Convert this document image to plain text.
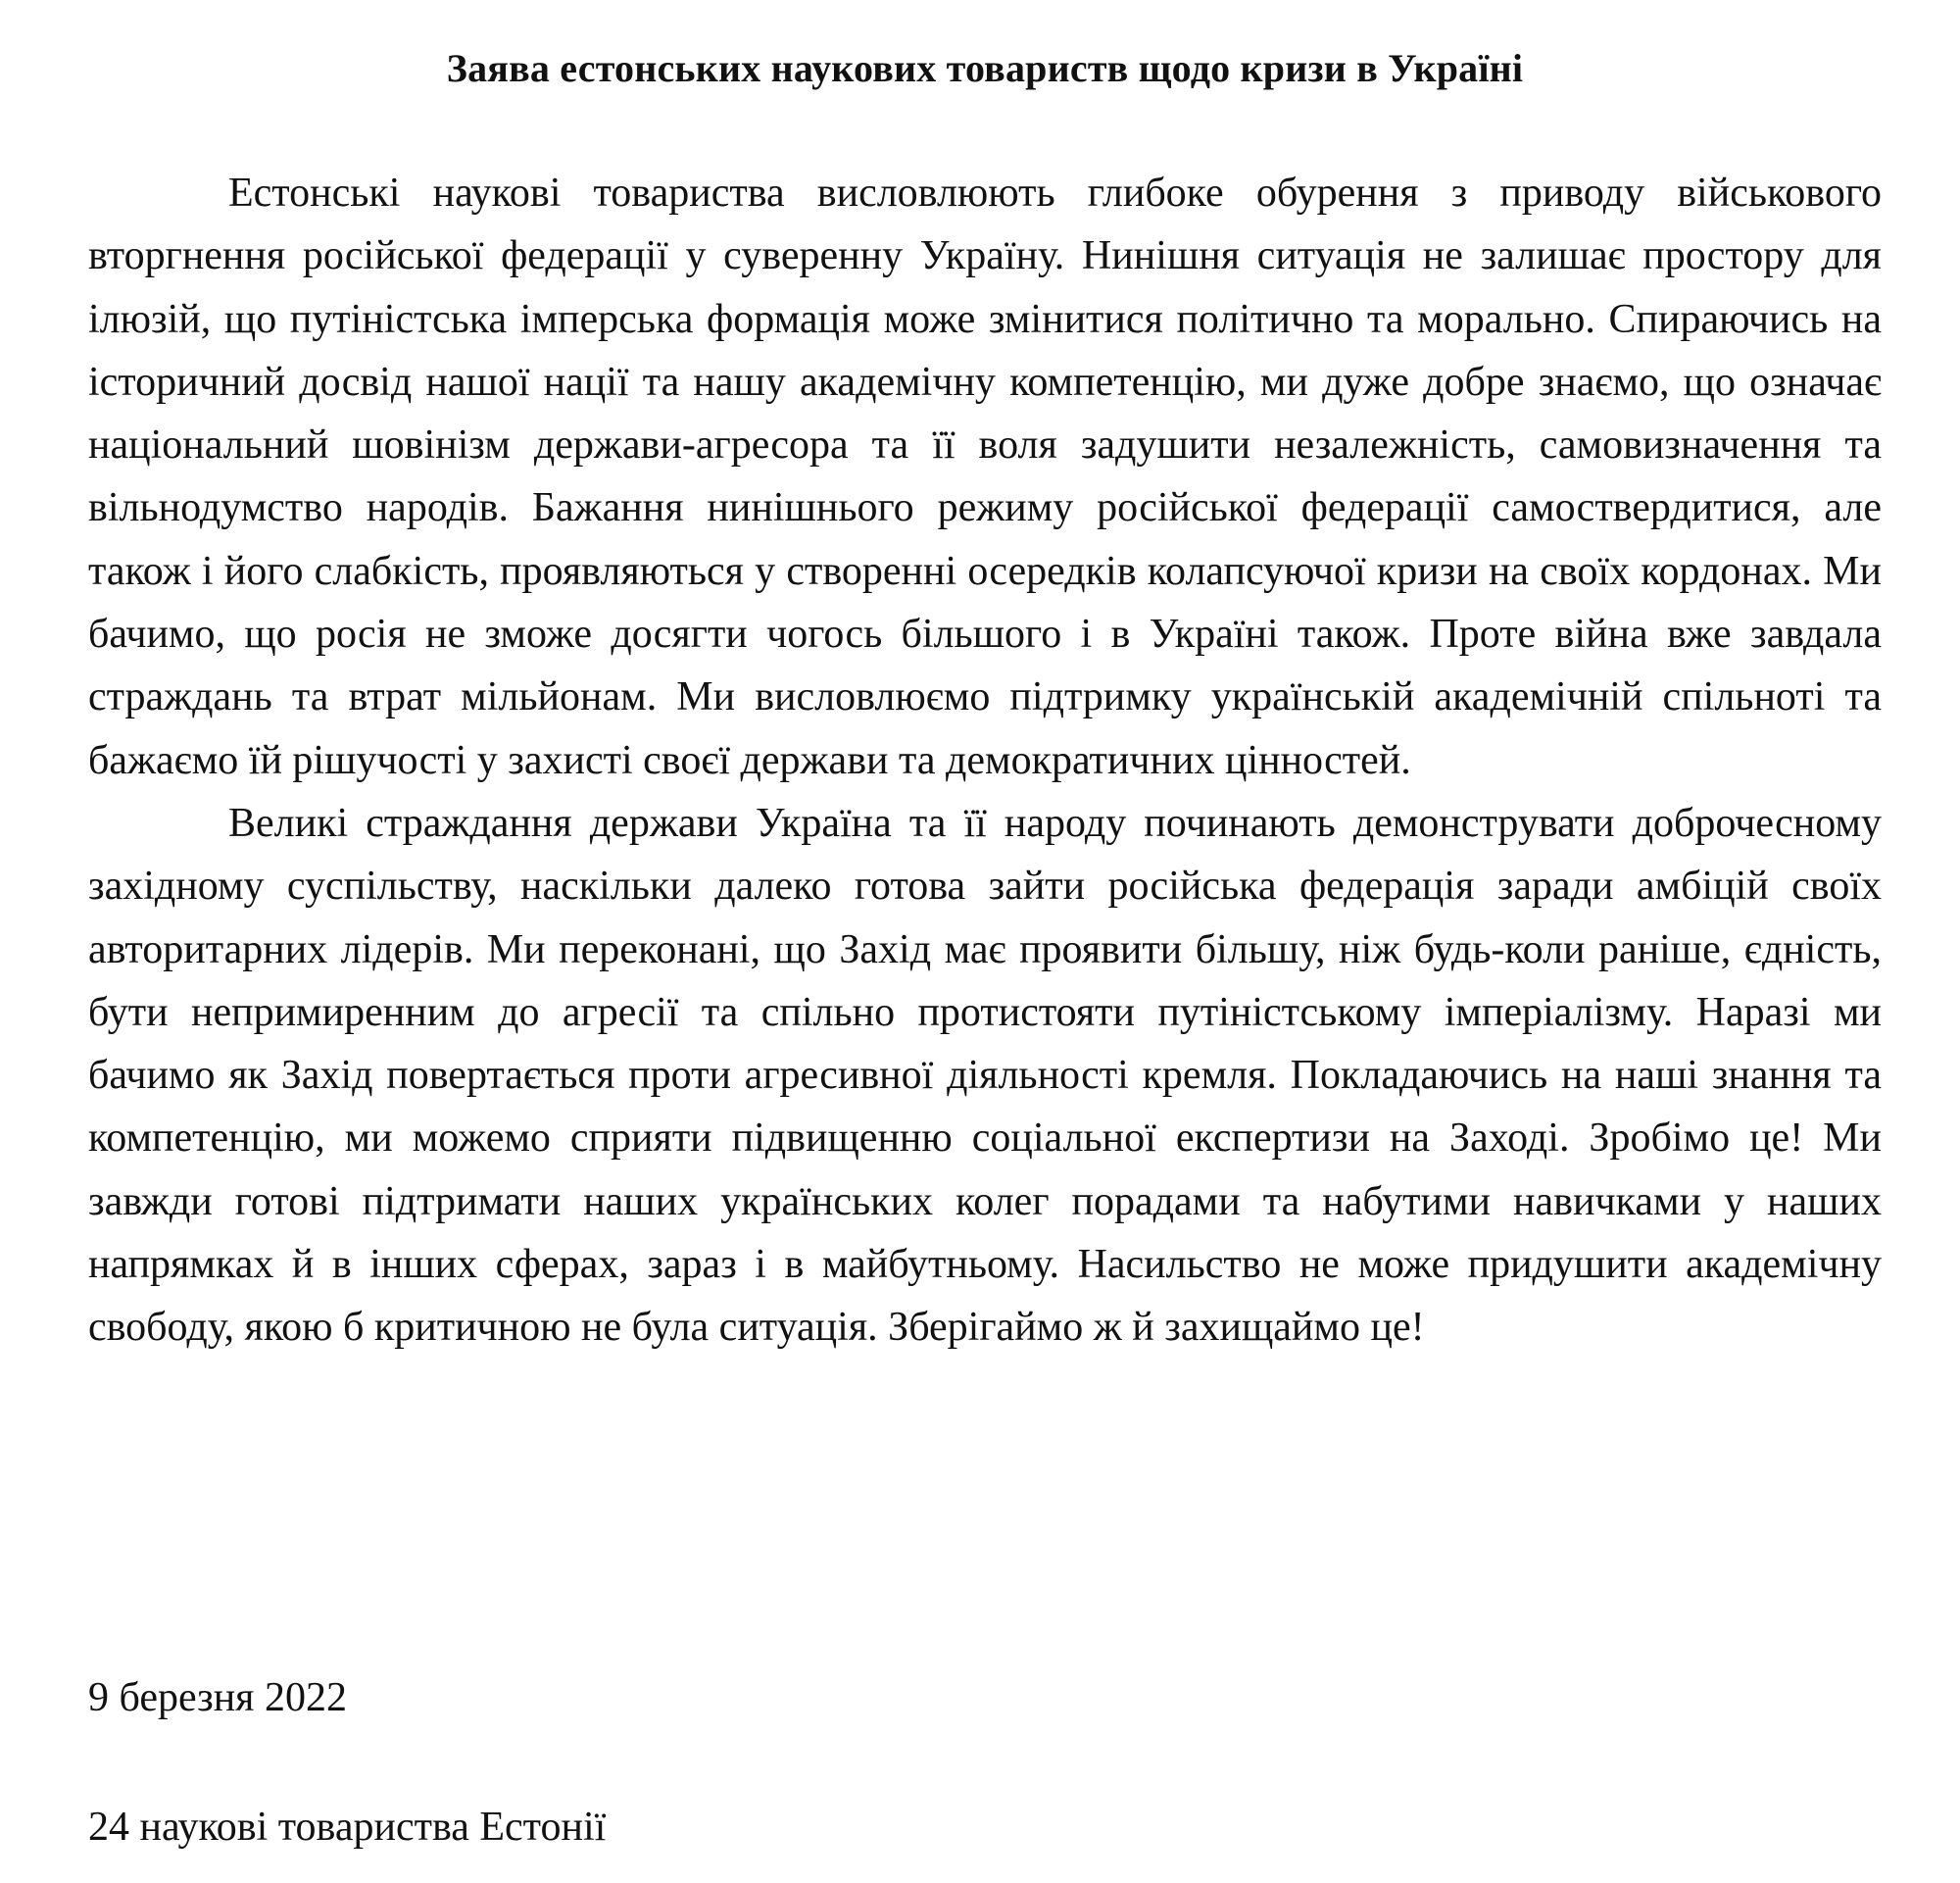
Заява естонських наукових товариств щодо кризи в Україні

Естонські наукові товариства висловлюють глибоке обурення з приводу військового вторгнення російської федерації у суверенну Україну. Нинішня ситуація не залишає простору для ілюзій, що путіністська імперська формація може змінитися політично та морально. Спираючись на історичний досвід нашої нації та нашу академічну компетенцію, ми дуже добре знаємо, що означає національний шовінізм держави-агресора та її воля задушити незалежність, самовизначення та вільнодумство народів. Бажання нинішнього режиму російської федерації самоствердитися, але також і його слабкість, проявляються у створенні осередків колапсуючої кризи на своїх кордонах. Ми бачимо, що росія не зможе досягти чогось більшого і в Україні також. Проте війна вже завдала страждань та втрат мільйонам. Ми висловлюємо підтримку українській академічній спільноті та бажаємо їй рішучості у захисті своєї держави та демократичних цінностей.

Великі страждання держави Україна та її народу починають демонструвати доброчесному західному суспільству, наскільки далеко готова зайти російська федерація заради амбіцій своїх авторитарних лідерів. Ми переконані, що Захід має проявити більшу, ніж будь-коли раніше, єдність, бути непримиренним до агресії та спільно протистояти путіністському імперіалізму. Наразі ми бачимо як Захід повертається проти агресивної діяльності кремля. Покладаючись на наші знання та компетенцію, ми можемо сприяти підвищенню соціальної експертизи на Заході. Зробімо це! Ми завжди готові підтримати наших українських колег порадами та набутими навичками у наших напрямках й в інших сферах, зараз і в майбутньому. Насильство не може придушити академічну свободу, якою б критичною не була ситуація. Зберігаймо ж й захищаймо це!

9 березня 2022

24 наукові товариства Естонії
